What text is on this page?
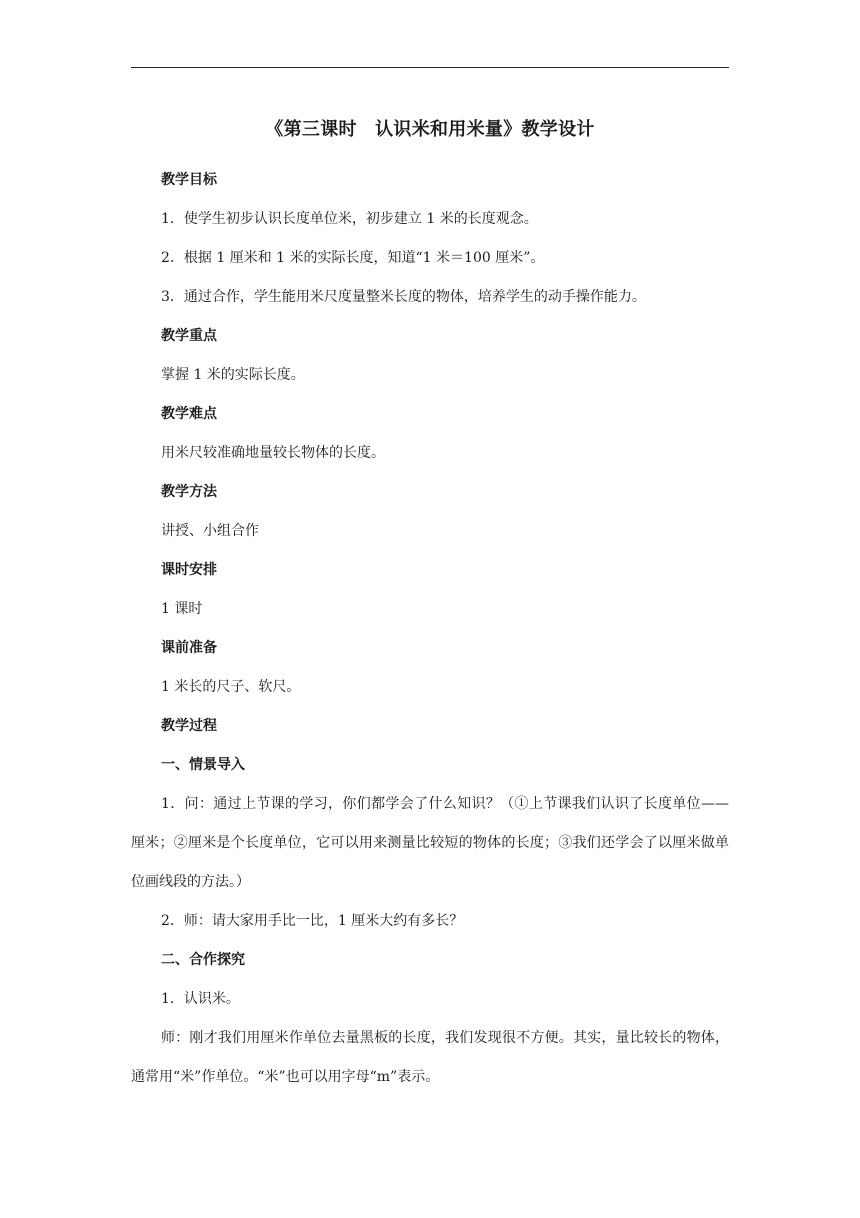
《第三课时　认识米和用米量》教学设计

教学目标

1．使学生初步认识长度单位米，初步建立 1 米的长度观念。

2．根据 1 厘米和 1 米的实际长度，知道“1 米＝100 厘米”。

3．通过合作，学生能用米尺度量整米长度的物体，培养学生的动手操作能力。

教学重点

掌握 1 米的实际长度。

教学难点

用米尺较准确地量较长物体的长度。

教学方法

讲授、小组合作

课时安排

1 课时

课前准备

1 米长的尺子、软尺。

教学过程

一、情景导入

1．问：通过上节课的学习，你们都学会了什么知识？（①上节课我们认识了长度单位——厘米；②厘米是个长度单位，它可以用来测量比较短的物体的长度；③我们还学会了以厘米做单位画线段的方法。）

2．师：请大家用手比一比，1 厘米大约有多长？

二、合作探究

1．认识米。

师：刚才我们用厘米作单位去量黑板的长度，我们发现很不方便。其实，量比较长的物体，通常用“米”作单位。“米”也可以用字母“m”表示。
